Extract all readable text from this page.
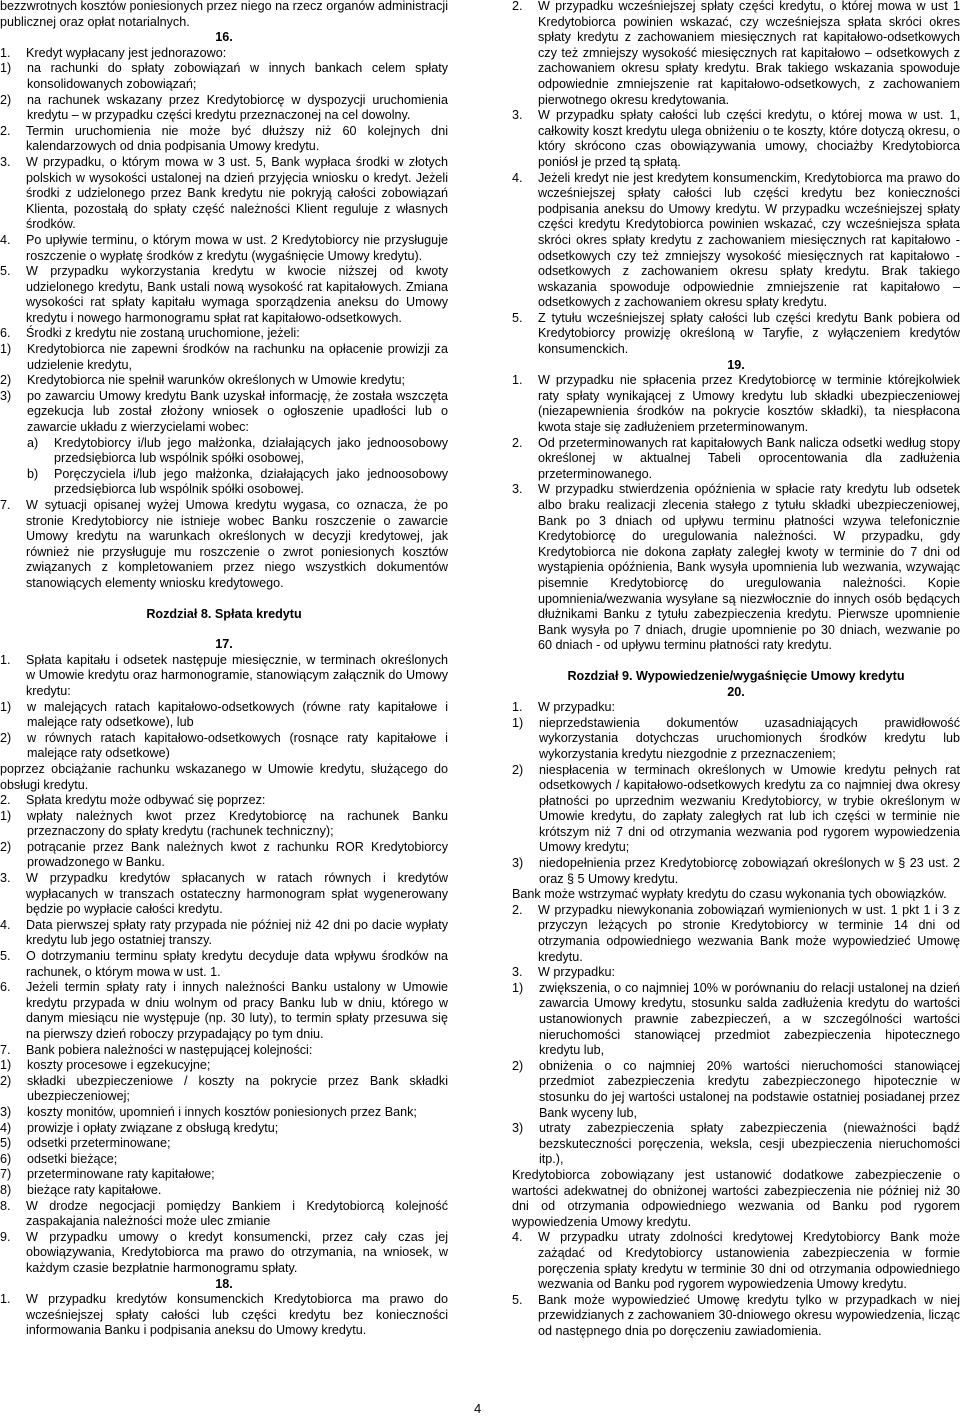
bezzwrotnych kosztów poniesionych przez niego na rzecz organów administracji publicznej oraz opłat notarialnych.

16.

1.	Kredyt wypłacany jest jednorazowo:
1)	na rachunki do spłaty zobowiązań w innych bankach celem spłaty konsolidowanych zobowiązań;
2)	na rachunek wskazany przez Kredytobiorcę w dyspozycji uruchomienia kredytu – w przypadku części kredytu przeznaczonej na cel dowolny.
2.	Termin uruchomienia nie może być dłuższy niż 60 kolejnych dni kalendarzowych od dnia podpisania Umowy kredytu.
3.	W przypadku, o którym mowa w 3 ust. 5, Bank wypłaca środki w złotych polskich w wysokości ustalonej na dzień przyjęcia wniosku o kredyt. Jeżeli środki z udzielonego przez Bank kredytu nie pokryją całości zobowiązań Klienta, pozostałą do spłaty część należności Klient reguluje z własnych środków.
4.	Po upływie terminu, o którym mowa w ust. 2 Kredytobiorcy nie przysługuje roszczenie o wypłatę środków z kredytu (wygaśnięcie Umowy kredytu).
5.	W przypadku wykorzystania kredytu w kwocie niższej od kwoty udzielonego kredytu, Bank ustali nową wysokość rat kapitałowych. Zmiana wysokości rat spłaty kapitału wymaga sporządzenia aneksu do Umowy kredytu i nowego harmonogramu spłat rat kapitałowo-odsetkowych.
6.	Środki z kredytu nie zostaną uruchomione, jeżeli:
1)	Kredytobiorca nie zapewni środków na rachunku na opłacenie prowizji za udzielenie kredytu,
2)	Kredytobiorca nie spełnił warunków określonych w Umowie kredytu;
3)	po zawarciu Umowy kredytu Bank uzyskał informację, że została wszczęta egzekucja lub został złożony wniosek o ogłoszenie upadłości lub o zawarcie układu z wierzycielami wobec:
a)	Kredytobiorcy i/lub jego małżonka, działających jako jednoosobowy przedsiębiorca lub wspólnik spółki osobowej,
b)	Poręczyciela i/lub jego małżonka, działających jako jednoosobowy przedsiębiorca lub wspólnik spółki osobowej.
7.	W sytuacji opisanej wyżej Umowa kredytu wygasa, co oznacza, że po stronie Kredytobiorcy nie istnieje wobec Banku roszczenie o zawarcie Umowy kredytu na warunkach określonych w decyzji kredytowej, jak również nie przysługuje mu roszczenie o zwrot poniesionych kosztów związanych z kompletowaniem przez niego wszystkich dokumentów stanowiących elementy wniosku kredytowego.

Rozdział 8. Spłata kredytu

17.

1.	Spłata kapitału i odsetek następuje miesięcznie, w terminach określonych w Umowie kredytu oraz harmonogramie, stanowiącym załącznik do Umowy kredytu:
1)	w malejących ratach kapitałowo-odsetkowych (równe raty kapitałowe i malejące raty odsetkowe), lub
2)	w równych ratach kapitałowo-odsetkowych (rosnące raty kapitałowe i malejące raty odsetkowe)

poprzez obciążanie rachunku wskazanego w Umowie kredytu, służącego do obsługi kredytu.

2.	Spłata kredytu może odbywać się poprzez:
1)	wpłaty należnych kwot przez Kredytobiorcę na rachunek Banku przeznaczony do spłaty kredytu (rachunek techniczny);
2)	potrącanie przez Bank należnych kwot z rachunku ROR Kredytobiorcy prowadzonego w Banku.
3.	W przypadku kredytów spłacanych w ratach równych i kredytów wypłacanych w transzach ostateczny harmonogram spłat wygenerowany będzie po wypłacie całości kredytu.
4.	Data pierwszej spłaty raty przypada nie później niż 42 dni po dacie wypłaty kredytu lub jego ostatniej transzy.
5.	O dotrzymaniu terminu spłaty kredytu decyduje data wpływu środków na rachunek, o którym mowa w ust. 1.
6.	Jeżeli termin spłaty raty i innych należności Banku ustalony w Umowie kredytu przypada w dniu wolnym od pracy Banku lub w dniu, którego w danym miesiącu nie występuje (np. 30 luty), to termin spłaty przesuwa się na pierwszy dzień roboczy przypadający po tym dniu.
7.	Bank pobiera należności w następującej kolejności:
1)	koszty procesowe i egzekucyjne;
2)	składki ubezpieczeniowe / koszty na pokrycie przez Bank składki ubezpieczeniowej;
3)	koszty monitów, upomnień i innych kosztów poniesionych przez Bank;
4)	prowizje i opłaty związane z obsługą kredytu;
5)	odsetki przeterminowane;
6)	odsetki bieżące;
7)	przeterminowane raty kapitałowe;
8)	bieżące raty kapitałowe.
8.	W drodze negocjacji pomiędzy Bankiem i Kredytobiorcą kolejność zaspakajania należności może ulec zmianie
9.	W przypadku umowy o kredyt konsumencki, przez cały czas jej obowiązywania, Kredytobiorca ma prawo do otrzymania, na wniosek, w każdym czasie bezpłatnie harmonogramu spłaty.

18.

1.	W przypadku kredytów konsumenckich Kredytobiorca ma prawo do wcześniejszej spłaty całości lub części kredytu bez konieczności informowania Banku i podpisania aneksu do Umowy kredytu.
2.	W przypadku wcześniejszej spłaty części kredytu, o której mowa w ust 1 Kredytobiorca powinien wskazać, czy wcześniejsza spłata skróci okres spłaty kredytu z zachowaniem miesięcznych rat kapitałowo-odsetkowych czy też zmniejszy wysokość miesięcznych rat kapitałowo – odsetkowych z zachowaniem okresu spłaty kredytu. Brak takiego wskazania spowoduje odpowiednie zmniejszenie rat kapitałowo-odsetkowych, z zachowaniem pierwotnego okresu kredytowania.
3.	W przypadku spłaty całości lub części kredytu, o której mowa w ust. 1, całkowity koszt kredytu ulega obniżeniu o te koszty, które dotyczą okresu, o który skrócono czas obowiązywania umowy, chociażby Kredytobiorca poniósł je przed tą spłatą.
4.	Jeżeli kredyt nie jest kredytem konsumenckim, Kredytobiorca ma prawo do wcześniejszej spłaty całości lub części kredytu bez konieczności podpisania aneksu do Umowy kredytu. W przypadku wcześniejszej spłaty części kredytu Kredytobiorca powinien wskazać, czy wcześniejsza spłata skróci okres spłaty kredytu z zachowaniem miesięcznych rat kapitałowo - odsetkowych czy też zmniejszy wysokość miesięcznych rat kapitałowo - odsetkowych z zachowaniem okresu spłaty kredytu. Brak takiego wskazania spowoduje odpowiednie zmniejszenie rat kapitałowo – odsetkowych z zachowaniem okresu spłaty kredytu.
5.	Z tytułu wcześniejszej spłaty całości lub części kredytu Bank pobiera od Kredytobiorcy prowizję określoną w Taryfie, z wyłączeniem kredytów konsumenckich.

19.

1.	W przypadku nie spłacenia przez Kredytobiorcę w terminie którejkolwiek raty spłaty wynikającej z Umowy kredytu lub składki ubezpieczeniowej (niezapewnienia środków na pokrycie kosztów składki), ta niespłacona kwota staje się zadłużeniem przeterminowanym.
2.	Od przeterminowanych rat kapitałowych Bank nalicza odsetki według stopy określonej w aktualnej Tabeli oprocentowania dla zadłużenia przeterminowanego.
3.	W przypadku stwierdzenia opóźnienia w spłacie raty kredytu lub odsetek albo braku realizacji zlecenia stałego z tytułu składki ubezpieczeniowej, Bank po 3 dniach od upływu terminu płatności wzywa telefonicznie Kredytobiorcę do uregulowania należności. W przypadku, gdy Kredytobiorca nie dokona zapłaty zaległej kwoty w terminie do 7 dni od wystąpienia opóźnienia, Bank wysyła upomnienia lub wezwania, wzywając pisemnie Kredytobiorcę do uregulowania należności. Kopie upomnienia/wezwania wysyłane są niezwłocznie do innych osób będących dłużnikami Banku z tytułu zabezpieczenia kredytu. Pierwsze upomnienie Bank wysyła po 7 dniach, drugie upomnienie po 30 dniach, wezwanie po 60 dniach - od upływu terminu płatności raty kredytu.

Rozdział 9. Wypowiedzenie/wygaśnięcie Umowy kredytu

20.

1.	W przypadku:
1)	nieprzedstawienia dokumentów uzasadniających prawidłowość wykorzystania dotychczas uruchomionych środków kredytu lub wykorzystania kredytu niezgodnie z przeznaczeniem;
2)	niespłacenia w terminach określonych w Umowie kredytu pełnych rat odsetkowych / kapitałowo-odsetkowych kredytu za co najmniej dwa okresy płatności po uprzednim wezwaniu Kredytobiorcy, w trybie określonym w Umowie kredytu, do zapłaty zaległych rat lub ich części w terminie nie krótszym niż 7 dni od otrzymania wezwania pod rygorem wypowiedzenia Umowy kredytu;
3)	niedopełnienia przez Kredytobiorcę zobowiązań określonych w § 23 ust. 2 oraz § 5 Umowy kredytu.

Bank może wstrzymać wypłaty kredytu do czasu wykonania tych obowiązków.

2.	W przypadku niewykonania zobowiązań wymienionych w ust. 1 pkt 1 i 3 z przyczyn leżących po stronie Kredytobiorcy w terminie 14 dni od otrzymania odpowiedniego wezwania Bank może wypowiedzieć Umowę kredytu.
3.	W przypadku:
1)	zwiększenia, o co najmniej 10% w porównaniu do relacji ustalonej na dzień zawarcia Umowy kredytu, stosunku salda zadłużenia kredytu do wartości ustanowionych prawnie zabezpieczeń, a w szczególności wartości nieruchomości stanowiącej przedmiot zabezpieczenia hipotecznego kredytu lub,
2)	obniżenia o co najmniej 20% wartości nieruchomości stanowiącej przedmiot zabezpieczenia kredytu zabezpieczonego hipotecznie w stosunku do jej wartości ustalonej na podstawie ostatniej posiadanej przez Bank wyceny lub,
3)	utraty zabezpieczenia spłaty zabezpieczenia (nieważności bądź bezskuteczności poręczenia, weksla, cesji ubezpieczenia nieruchomości itp.),

Kredytobiorca zobowiązany jest ustanowić dodatkowe zabezpieczenie o wartości adekwatnej do obniżonej wartości zabezpieczenia nie później niż 30 dni od otrzymania odpowiedniego wezwania od Banku pod rygorem wypowiedzenia Umowy kredytu.

4.	W przypadku utraty zdolności kredytowej Kredytobiorcy Bank może zażądać od Kredytobiorcy ustanowienia zabezpieczenia w formie poręczenia spłaty kredytu w terminie 30 dni od otrzymania odpowiedniego wezwania od Banku pod rygorem wypowiedzenia Umowy kredytu.
5.	Bank może wypowiedzieć Umowę kredytu tylko w przypadkach w niej przewidzianych z zachowaniem 30-dniowego okresu wypowiedzenia, licząc od następnego dnia po doręczeniu zawiadomienia.
4
